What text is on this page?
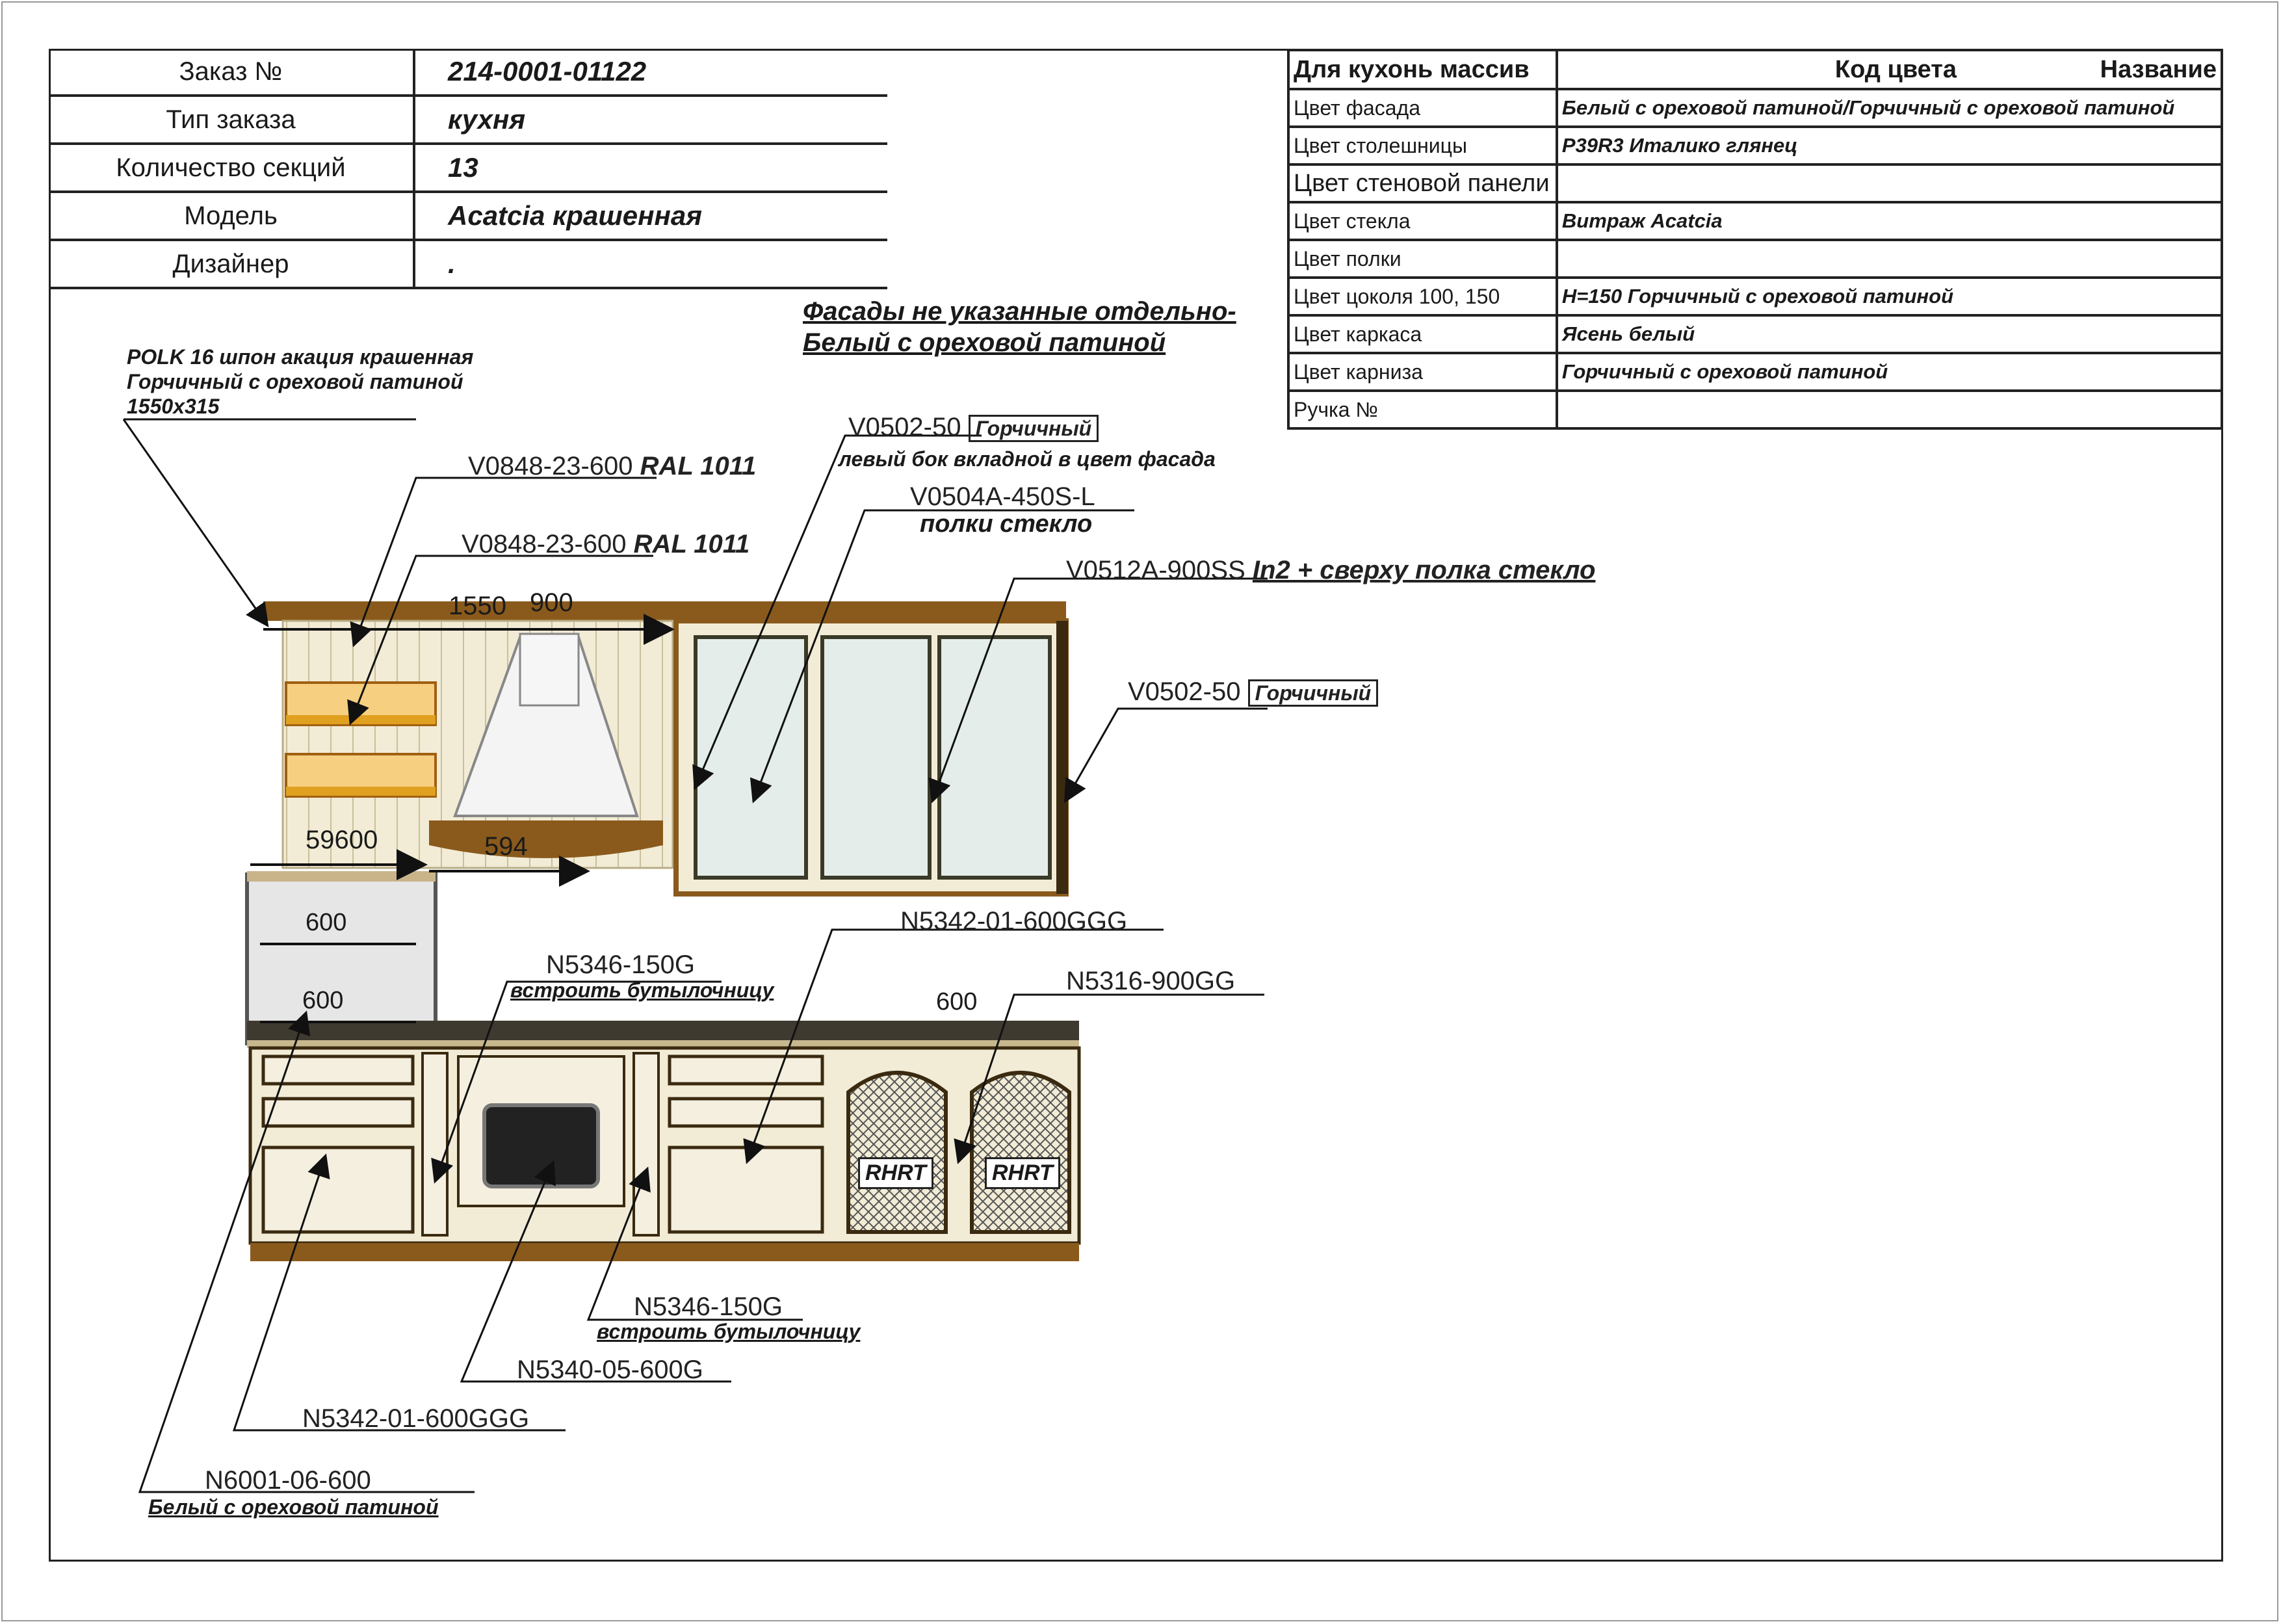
Заказ №	214-0001-01122
Тип заказа	кухня
Количество секций	13
Модель	Acatcia крашенная
Дизайнер	.
Для кухонь массив	Код цвета Название
Цвет фасада	Белый с ореховой патиной/Горчичный с ореховой патиной
Цвет столешницы	P39R3 Италико глянец
Цвет стеновой панели	
Цвет стекла	Витраж Acatcia
Цвет полки	
Цвет цоколя 100, 150	H=150 Горчичный с ореховой патиной
Цвет каркаса	Ясень белый
Цвет карниза	Горчичный с ореховой патиной
Ручка №	
Фасады не указанные отдельно-
Белый с ореховой патиной
POLK 16 шпон акация крашенная
Горчичный с ореховой патиной
1550x315
V0848-23-600 RAL 1011
V0848-23-600 RAL 1011
V0502-50 Горчичный
левый бок вкладной в цвет фасада
V0504A-450S-L
полки стекло
V0512A-900SS In2 + сверху полка стекло
V0502-50 Горчичный
N5342-01-600GGG
N5346-150G
встроить бутылочницу	N5316-900GG
N5346-150G
встроить бутылочницу
N5340-05-600G
N5342-01-600GGG
N6001-06-600
Белый с ореховой патиной
1550 900
59600	594
600
600	600
RHRT	RHRT
